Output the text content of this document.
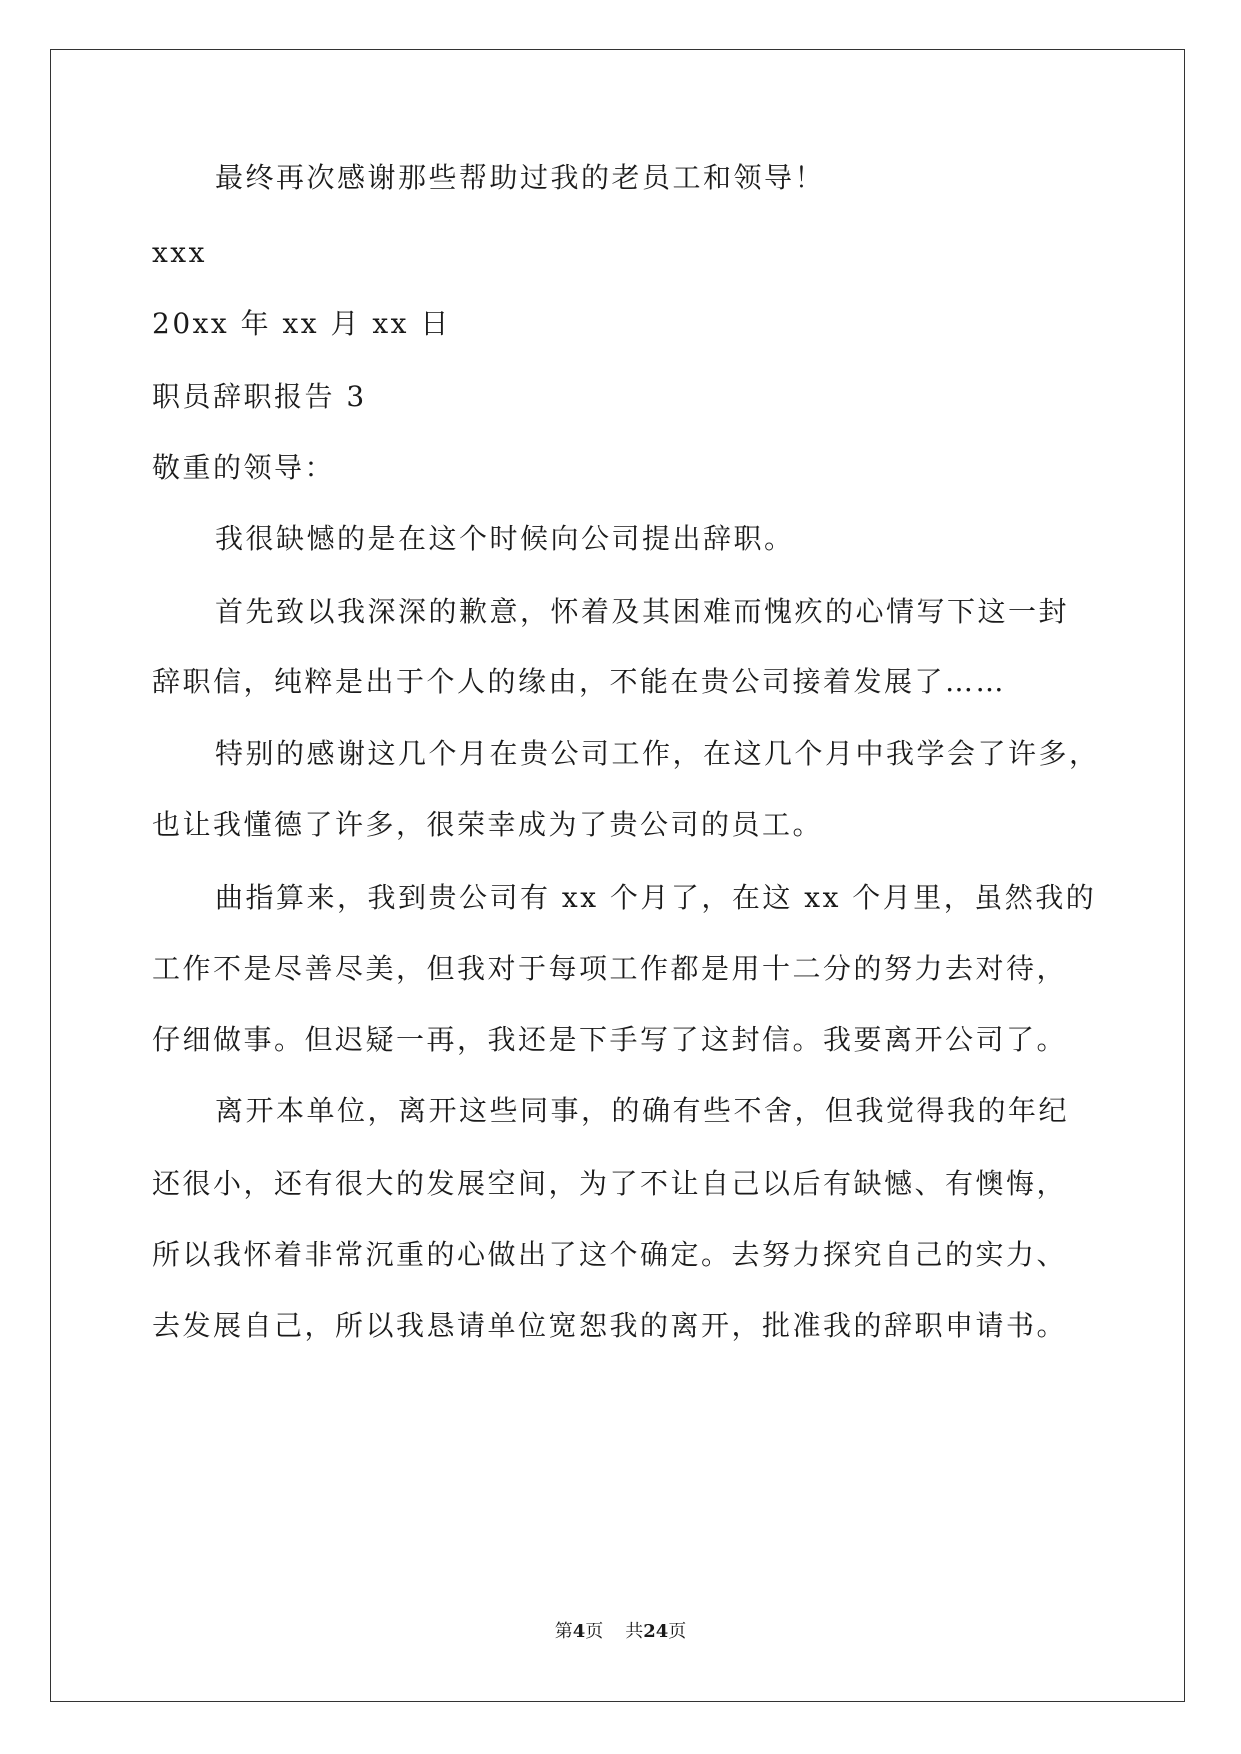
最终再次感谢那些帮助过我的老员工和领导！
xxx
20xx 年 xx 月 xx 日
职员辞职报告 3
敬重的领导：
我很缺憾的是在这个时候向公司提出辞职。
首先致以我深深的歉意，怀着及其困难而愧疚的心情写下这一封
辞职信，纯粹是出于个人的缘由，不能在贵公司接着发展了……
特别的感谢这几个月在贵公司工作，在这几个月中我学会了许多，
也让我懂德了许多，很荣幸成为了贵公司的员工。
曲指算来，我到贵公司有 xx 个月了，在这 xx 个月里，虽然我的
工作不是尽善尽美，但我对于每项工作都是用十二分的努力去对待，
仔细做事。但迟疑一再，我还是下手写了这封信。我要离开公司了。
离开本单位，离开这些同事，的确有些不舍，但我觉得我的年纪
还很小，还有很大的发展空间，为了不让自己以后有缺憾、有懊悔，
所以我怀着非常沉重的心做出了这个确定。去努力探究自己的实力、
去发展自己，所以我恳请单位宽恕我的离开，批准我的辞职申请书。
第4页 共24页
